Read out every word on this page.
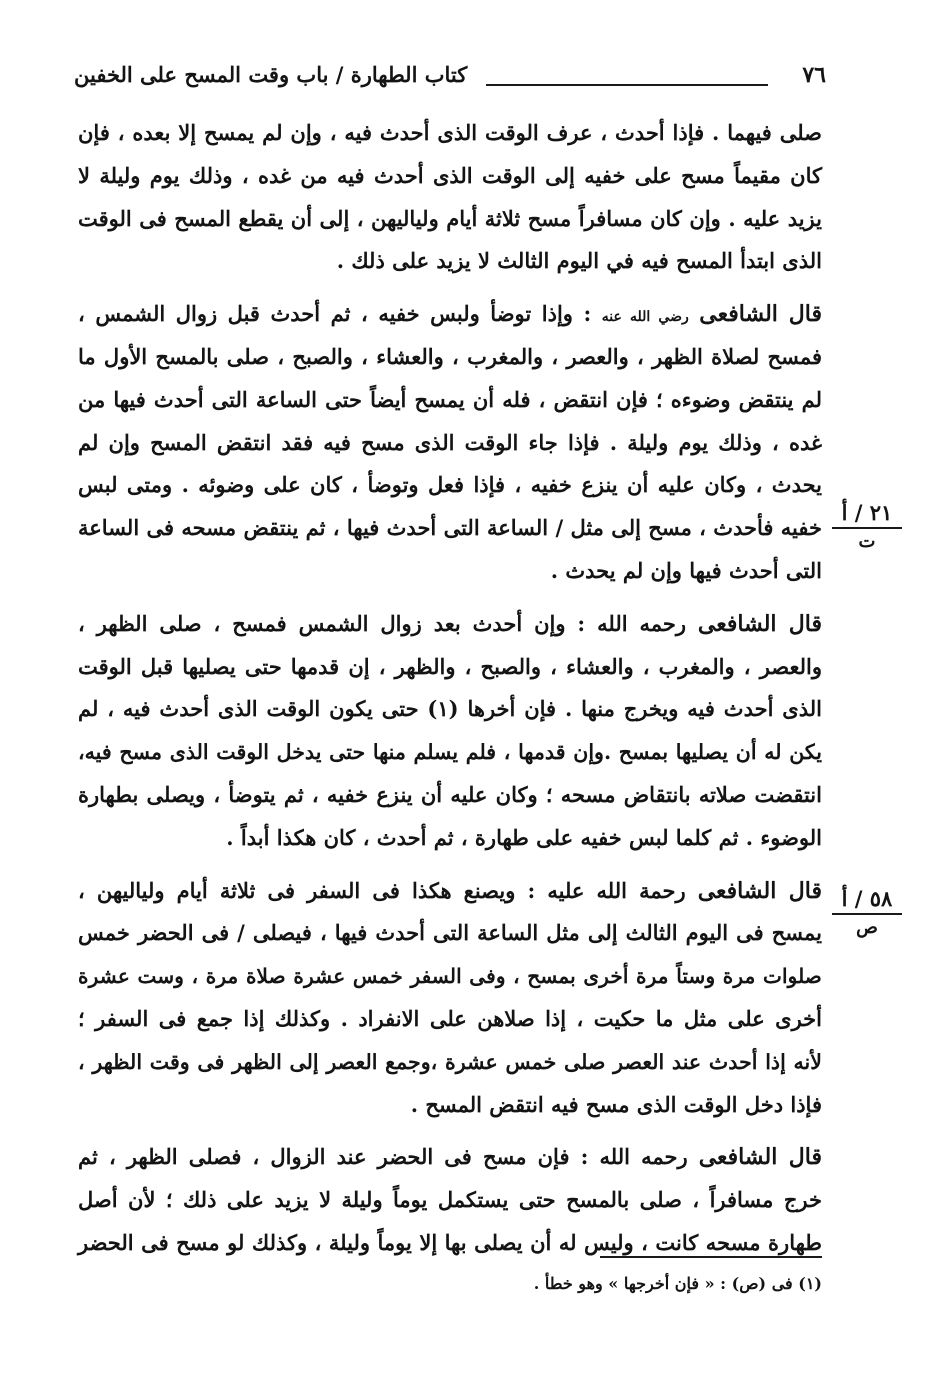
كتاب الطهارة / باب وقت المسح على الخفين	٧٦
صلى فيهما . فإذا أحدث ، عرف الوقت الذى أحدث فيه ، وإن لم يمسح إلا بعده ، فإن
كان مقيماً مسح على خفيه إلى الوقت الذى أحدث فيه من غده ، وذلك يوم وليلة لا
يزيد عليه . وإن كان مسافراً مسح ثلاثة أيام ولياليهن ، إلى أن يقطع المسح فى الوقت
الذى ابتدأ المسح فيه في اليوم الثالث لا يزيد على ذلك .
قال الشافعى رضي الله عنه : وإذا توضأ ولبس خفيه ، ثم أحدث قبل زوال الشمس ،
فمسح لصلاة الظهر ، والعصر ، والمغرب ، والعشاء ، والصبح ، صلى بالمسح الأول ما
لم ينتقض وضوءه ؛ فإن انتقض ، فله أن يمسح أيضاً حتى الساعة التى أحدث فيها من
غده ، وذلك يوم وليلة . فإذا جاء الوقت الذى مسح فيه فقد انتقض المسح وإن لم
يحدث ، وكان عليه أن ينزع خفيه ، فإذا فعل وتوضأ ، كان على وضوئه . ومتى لبس
خفيه فأحدث ، مسح إلى مثل / الساعة التى أحدث فيها ، ثم ينتقض مسحه فى الساعة
التى أحدث فيها وإن لم يحدث .
قال الشافعى رحمه الله : وإن أحدث بعد زوال الشمس فمسح ، صلى الظهر ،
والعصر ، والمغرب ، والعشاء ، والصبح ، والظهر ، إن قدمها حتى يصليها قبل الوقت
الذى أحدث فيه ويخرج منها . فإن أخرها (١) حتى يكون الوقت الذى أحدث فيه ، لم
يكن له أن يصليها بمسح .وإن قدمها ، فلم يسلم منها حتى يدخل الوقت الذى مسح فيه،
انتقضت صلاته بانتقاض مسحه ؛ وكان عليه أن ينزع خفيه ، ثم يتوضأ ، ويصلى بطهارة
الوضوء . ثم كلما لبس خفيه على طهارة ، ثم أحدث ، كان هكذا أبداً .
قال الشافعى رحمة الله عليه : ويصنع هكذا فى السفر فى ثلاثة أيام ولياليهن ،
يمسح فى اليوم الثالث إلى مثل الساعة التى أحدث فيها ، فيصلى / فى الحضر خمس
صلوات مرة وستاً مرة أخرى بمسح ، وفى السفر خمس عشرة صلاة مرة ، وست عشرة
أخرى على مثل ما حكيت ، إذا صلاهن على الانفراد . وكذلك إذا جمع فى السفر ؛
لأنه إذا أحدث عند العصر صلى خمس عشرة ،وجمع العصر إلى الظهر فى وقت الظهر ،
فإذا دخل الوقت الذى مسح فيه انتقض المسح .
قال الشافعى رحمه الله : فإن مسح فى الحضر عند الزوال ، فصلى الظهر ، ثم
خرج مسافراً ، صلى بالمسح حتى يستكمل يوماً وليلة لا يزيد على ذلك ؛ لأن أصل
طهارة مسحه كانت ، وليس له أن يصلى بها إلا يوماً وليلة ، وكذلك لو مسح فى الحضر
٢١ / أ
ت
٥٨ / أ
ص
(١) فى (ص) : « فإن أخرجها » وهو خطأ .
